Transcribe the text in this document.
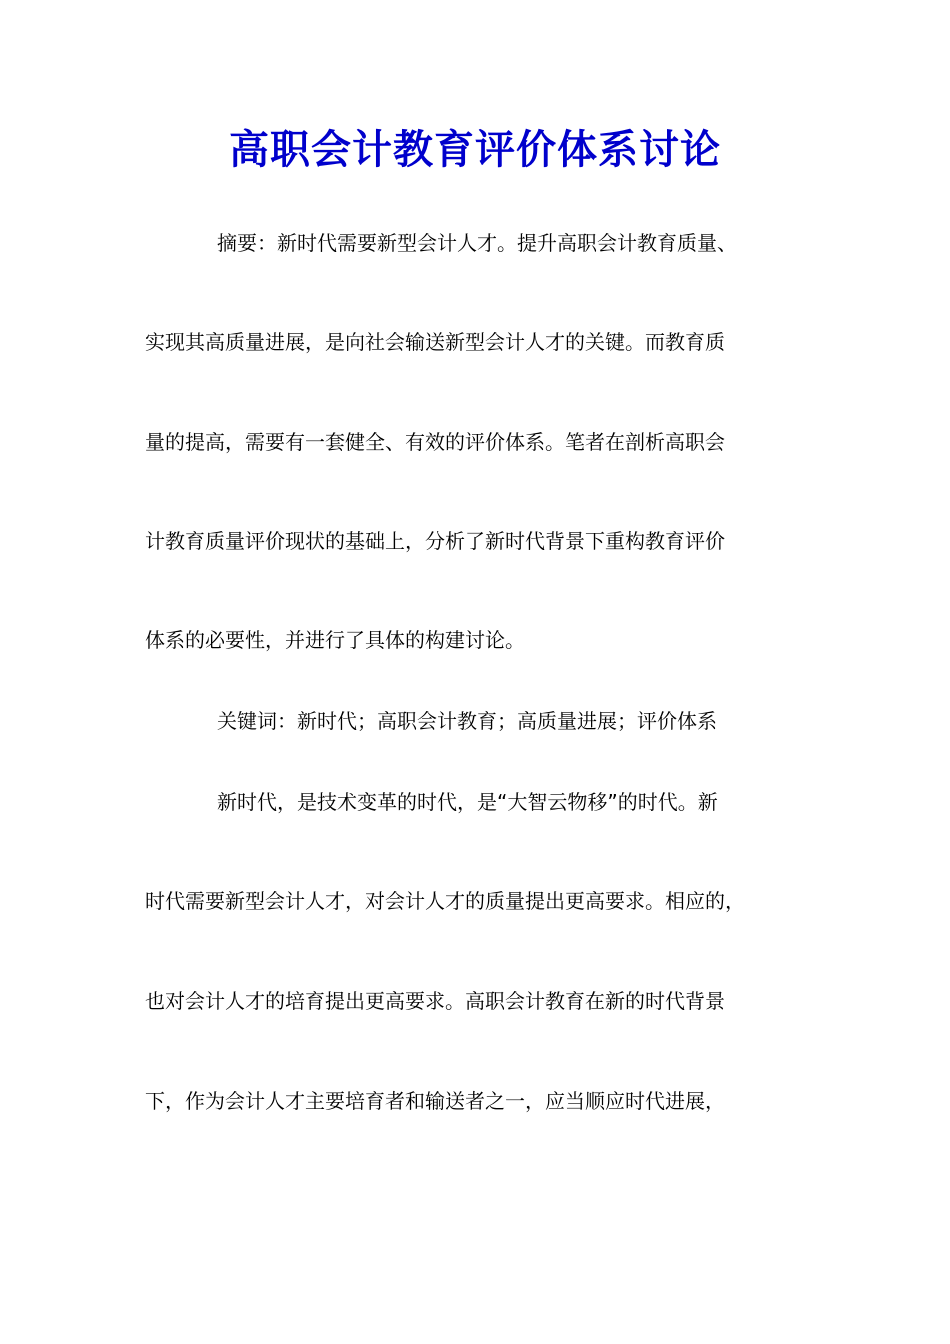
高职会计教育评价体系讨论
摘要：新时代需要新型会计人才。提升高职会计教育质量、
实现其高质量进展，是向社会输送新型会计人才的关键。而教育质
量的提高，需要有一套健全、有效的评价体系。笔者在剖析高职会
计教育质量评价现状的基础上，分析了新时代背景下重构教育评价
体系的必要性，并进行了具体的构建讨论。
关键词：新时代；高职会计教育；高质量进展；评价体系
新时代，是技术变革的时代，是“大智云物移”的时代。新
时代需要新型会计人才，对会计人才的质量提出更高要求。相应的，
也对会计人才的培育提出更高要求。高职会计教育在新的时代背景
下，作为会计人才主要培育者和输送者之一，应当顺应时代进展，
